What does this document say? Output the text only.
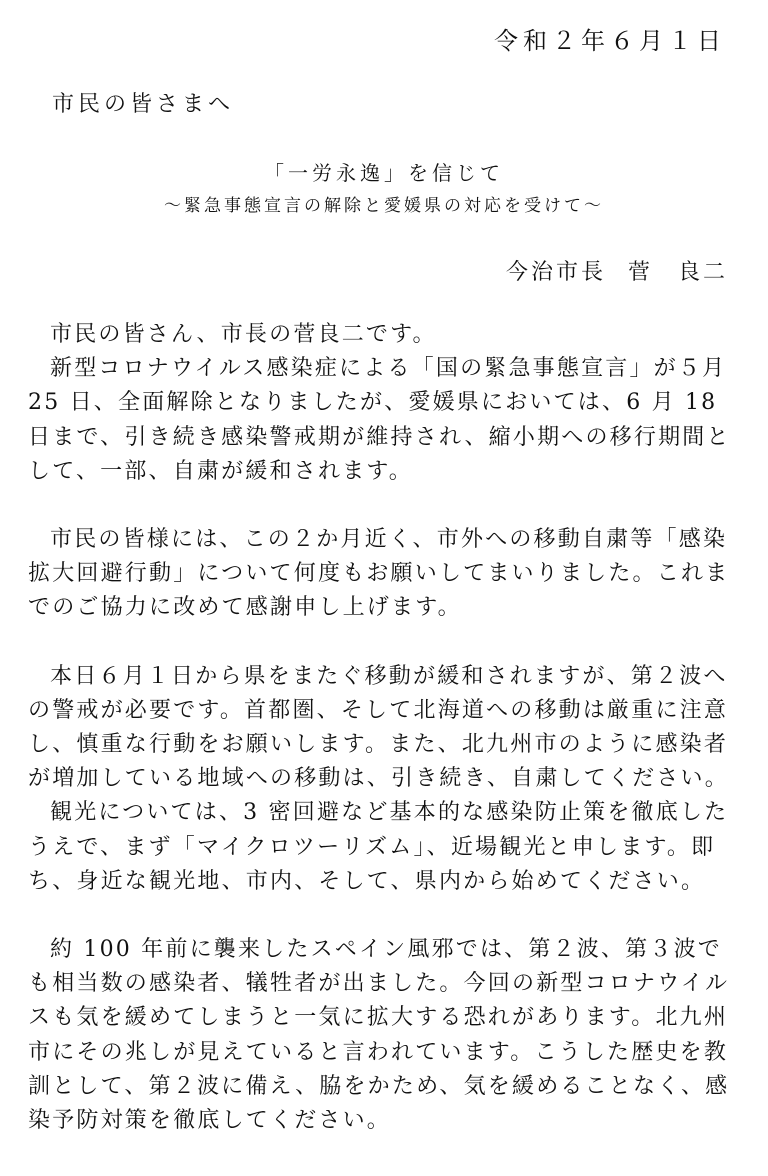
令和２年６月１日
市民の皆さまへ
「一労永逸」を信じて
～緊急事態宣言の解除と愛媛県の対応を受けて～
今治市長 菅　良二

市民の皆さん、市長の菅良二です。

新型コロナウイルス感染症による「国の緊急事態宣言」が５月 25 日、全面解除となりましたが、愛媛県においては、6 月 18 日まで、引き続き感染警戒期が維持され、縮小期への移行期間として、一部、自粛が緩和されます。

市民の皆様には、この２か月近く、市外への移動自粛等「感染拡大回避行動」について何度もお願いしてまいりました。これまでのご協力に改めて感謝申し上げます。

本日６月１日から県をまたぐ移動が緩和されますが、第２波への警戒が必要です。首都圏、そして北海道への移動は厳重に注意し、慎重な行動をお願いします。また、北九州市のように感染者が増加している地域への移動は、引き続き、自粛してください。

観光については、3 密回避など基本的な感染防止策を徹底したうえで、まず「マイクロツーリズム」、近場観光と申します。即ち、身近な観光地、市内、そして、県内から始めてください。

約 100 年前に襲来したスペイン風邪では、第２波、第３波でも相当数の感染者、犠牲者が出ました。今回の新型コロナウイルスも気を緩めてしまうと一気に拡大する恐れがあります。北九州市にその兆しが見えていると言われています。こうした歴史を教訓として、第２波に備え、脇をかため、気を緩めることなく、感染予防対策を徹底してください。
